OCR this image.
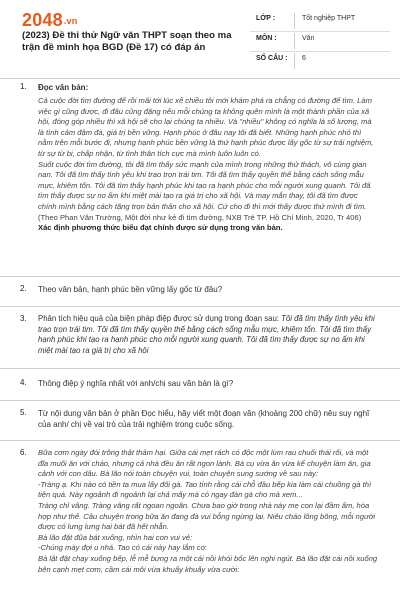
2048.vn
(2023) Đề thi thử Ngữ văn THPT soạn theo ma trận đề minh họa BGD (Đề 17) có đáp án
LỚP :	Tốt nghiệp THPT
MÔN :	Văn
SỐ CÂU : 6
1. Đọc văn bản:

Cả cuộc đời tìm đường để rồi mãi tới lúc xế chiều tôi mới khám phá ra chẳng có đường để tìm. Làm việc gì cũng được, đi đâu cũng đặng nếu mỗi chúng ta không quên mình là một thành phần của xã hội, đóng góp nhiều thì xã hội sẽ cho lại chúng ta nhiều. Và "nhiều" không có nghĩa là số lượng, mà là tình cảm đậm đà, giá trị bền vững. Hạnh phúc ở đâu nay tôi đã biết. Những hạnh phúc nhỏ thì nằm trên mỗi bước đi, nhưng hạnh phúc bền vững là thứ hạnh phúc được lấy gốc từ sự trải nghiệm, từ sự từ bi, chấp nhận, từ tình thân tích cực mà mình luôn luôn có.

Suốt cuộc đời tìm đường, tôi đã tìm thấy sức mạnh của mình trong những thử thách, vô cùng gian nan. Tôi đã tìm thấy tình yêu khi trao trọn trái tim. Tôi đã tìm thấy quyền thế bằng cách sống mẫu mực, khiêm tốn. Tôi đã tìm thấy hạnh phúc khi tạo ra hạnh phúc cho mỗi người xung quanh. Tôi đã tìm thấy được sự no ấm khi miệt mài tạo ra giá trị cho xã hội. Và may mắn thay, tôi đã tìm được chính mình bằng cách tặng trọn bản thân cho xã hội. Cứ cho đi thì mới thấy được thứ mình đi tìm.

(Theo Phan Văn Trường, Một đời như kẻ đi tìm đường, NXB Trẻ TP. Hồ Chí Minh, 2020, Tr 406)

Xác định phương thức biểu đạt chính được sử dụng trong văn bản.

2. Theo văn bản, hạnh phúc bền vững lấy gốc từ đâu?
3. Phân tích hiệu quả của biện pháp điệp được sử dụng trong đoạn sau: Tôi đã tìm thấy tình yêu khi trao trọn trái tim. Tôi đã tìm thấy quyền thế bằng cách sống mẫu mực, khiêm tốn. Tôi đã tìm thấy hạnh phúc khi tạo ra hạnh phúc cho mỗi người xung quanh. Tôi đã tìm thấy được sự no ấm khi miệt mài tạo ra giá trị cho xã hội
4. Thông điệp ý nghĩa nhất với anh/chị sau văn bản là gì?
5. Từ nội dung văn bản ở phần Đọc hiểu, hãy viết một đoạn văn (khoảng 200 chữ) nêu suy nghĩ của anh/ chị về vai trò của trải nghiệm trong cuộc sống.
6. Bữa cơm ngày đói trông thật thảm hại. Giữa cái mẹt rách có độc một lùm rau chuối thái rối, và một đĩa muối ăn với cháo, nhưng cả nhà đều ăn rất ngon lành. Bà cụ vừa ăn vừa kể chuyện làm ăn, gia cảnh với con dâu. Bà lão nói toàn chuyện vui, toàn chuyện sung sướng về sau này:

-Tràng ạ. Khi nào có tiền ta mua lấy đôi gà. Tao tính rằng cái chỗ đầu bếp kia làm cái chuồng gà thì tiện quá. Này ngoảnh đi ngoảnh lại chả mấy mà có ngay đàn gà cho mà xem...

Tràng chỉ vâng. Tràng vâng rất ngoan ngoãn. Chưa bao giờ trong nhà này mẹ con lại đầm ấm, hòa hợp như thế. Câu chuyện trong bữa ăn đang đà vui bỗng ngừng lại. Niêu cháo lõng bõng, mỗi người được có lưng lưng hai bát đã hết nhẵn.

Bà lão đặt đũa bát xuống, nhìn hai con vui vẻ:

-Chúng mày đợi u nhá. Tao có cái này hay lắm cơ.

Bà lật đật chạy xuống bếp, lễ mễ bưng ra một cái nồi khói bốc lên nghi ngút. Bà lão đặt cái nồi xuống bên cạnh mẹt cơm, cầm cái môi vừa khuấy khuấy vừa cười:
